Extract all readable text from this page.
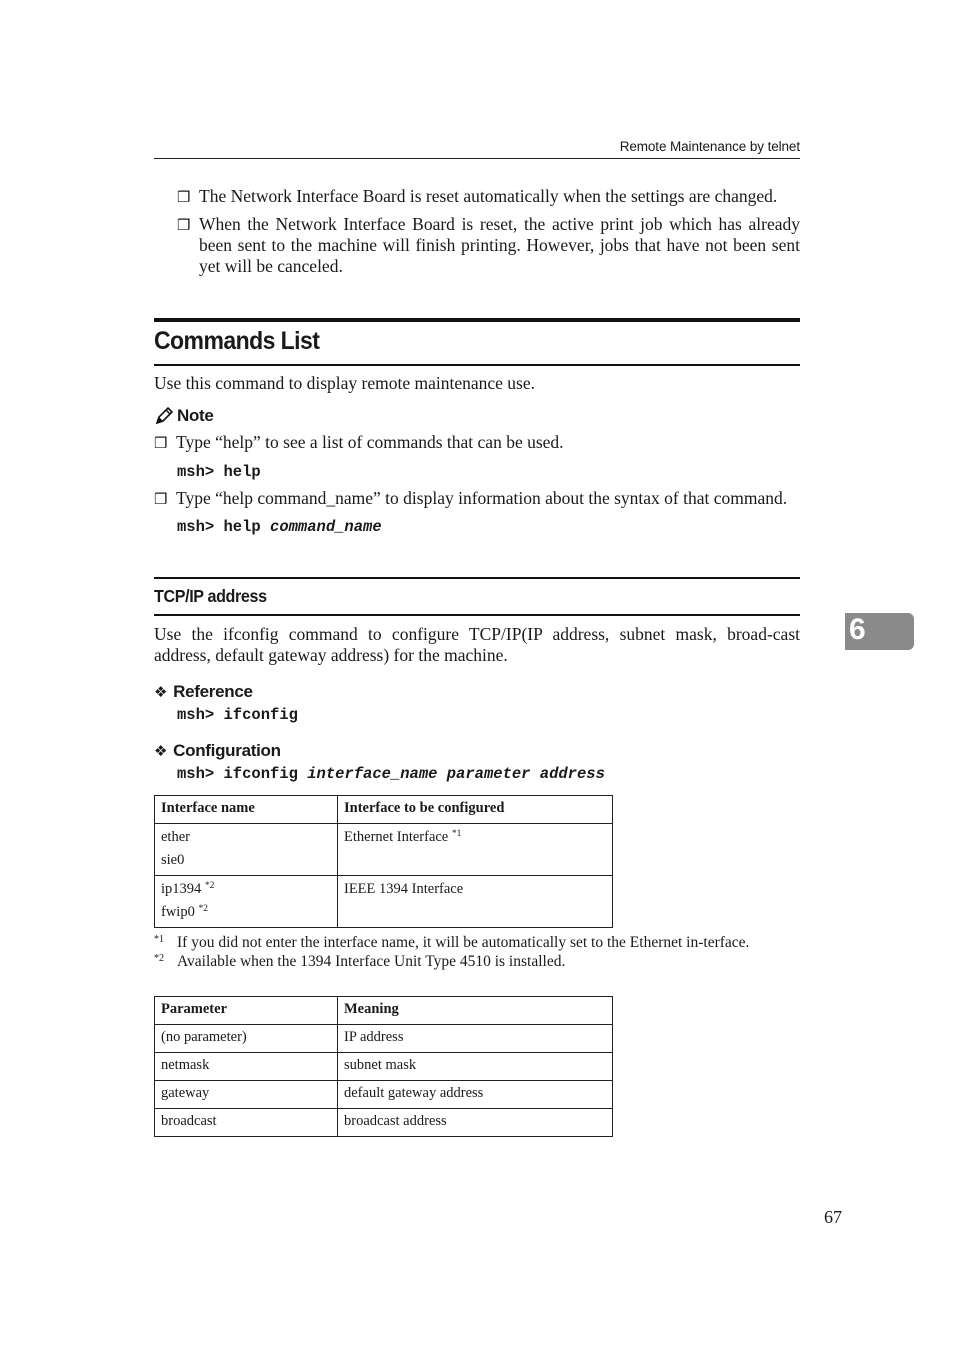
Remote Maintenance by telnet
❒ The Network Interface Board is reset automatically when the settings are changed.
❒ When the Network Interface Board is reset, the active print job which has already been sent to the machine will finish printing. However, jobs that have not been sent yet will be canceled.
Commands List
Use this command to display remote maintenance use.
Note
❒ Type “help” to see a list of commands that can be used.
msh> help
❒ Type “help command_name” to display information about the syntax of that command.
msh> help command_name
TCP/IP address
Use the ifconfig command to configure TCP/IP(IP address, subnet mask, broad-cast address, default gateway address) for the machine.
6
❖ Reference
msh> ifconfig
❖ Configuration
msh> ifconfig interface_name parameter address
Interface name	Interface to be configured

ether
sie0	Ethernet Interface $^{*1}$

ip1394 $^{*2}$
fwip0 $^{*2}$	IEEE 1394 Interface
*1 If you did not enter the interface name, it will be automatically set to the Ethernet in-terface.
*2 Available when the 1394 Interface Unit Type 4510 is installed.
Parameter	Meaning
(no parameter)	IP address
netmask	subnet mask
gateway	default gateway address
broadcast	broadcast address
67
